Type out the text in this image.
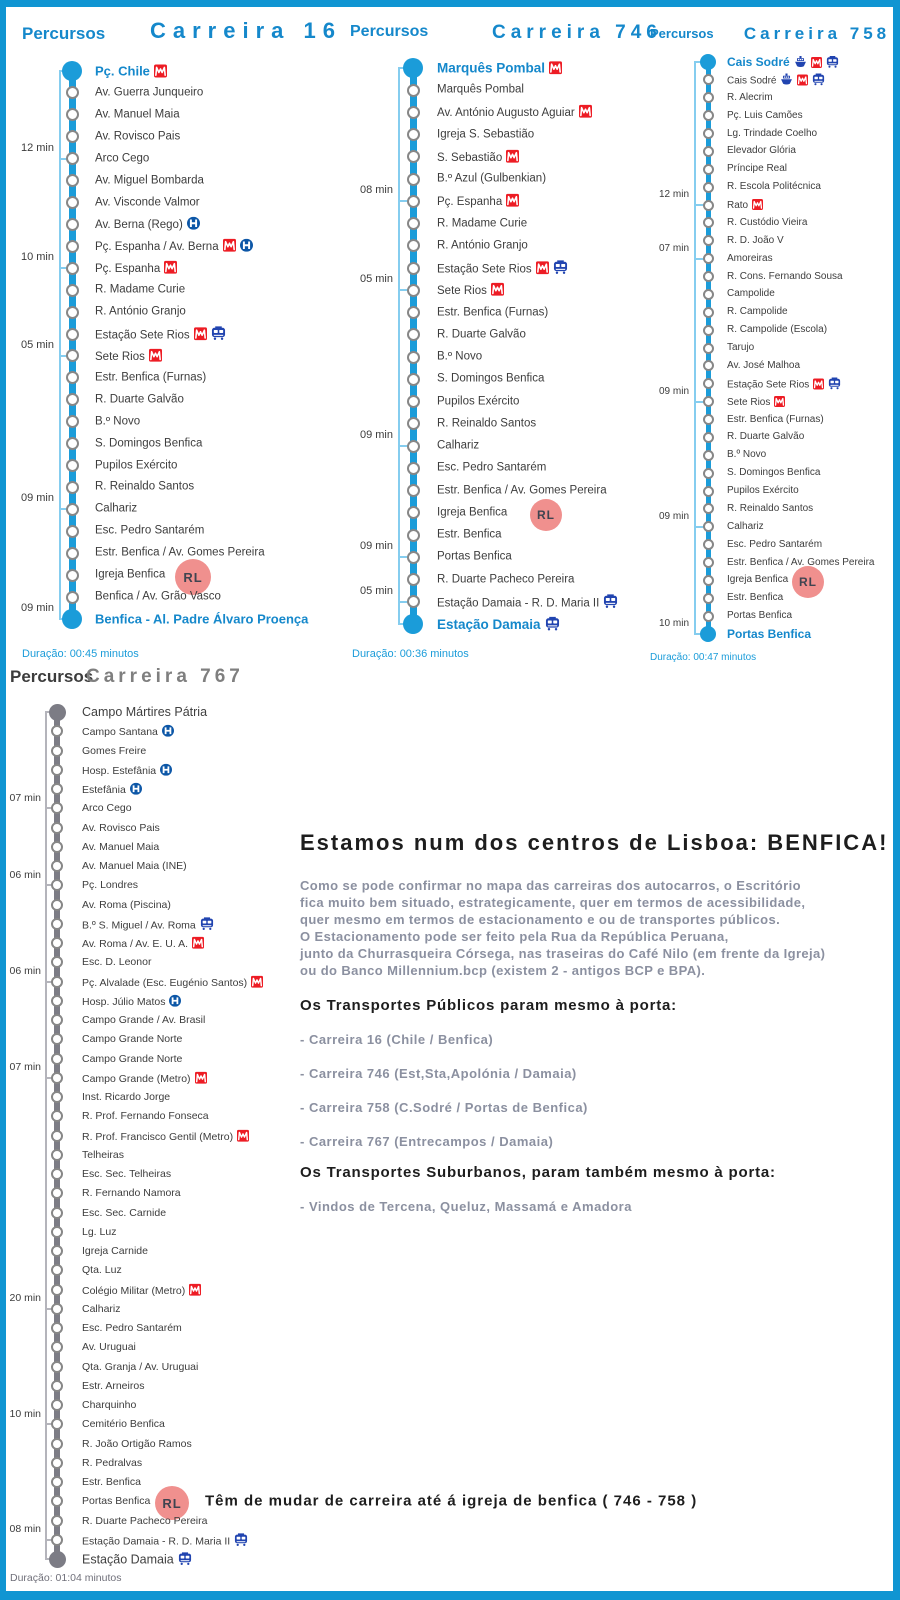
Percursos Carreira 16
Pç. Chile
Av. Guerra Junqueiro
Av. Manuel Maia
Av. Rovisco Pais
Arco Cego
Av. Miguel Bombarda
Av. Visconde Valmor
Av. Berna (Rego)
Pç. Espanha / Av. Berna
Pç. Espanha
R. Madame Curie
R. António Granjo
Estação Sete Rios
Sete Rios
Estr. Benfica (Furnas)
R. Duarte Galvão
B.º Novo
S. Domingos Benfica
Pupilos Exército
R. Reinaldo Santos
Calhariz
Esc. Pedro Santarém
Estr. Benfica / Av. Gomes Pereira
Igreja Benfica	RL
Benfica / Av. Grão Vasco
Benfica - Al. Padre Álvaro Proença
12 min
10 min
05 min
09 min
09 min
Duração: 00:45 minutos
Percursos	Carreira 746
Marquês Pombal
Marquês Pombal
Av. António Augusto Aguiar
Igreja S. Sebastião
S. Sebastião
B.º Azul (Gulbenkian)
Pç. Espanha
R. Madame Curie
R. António Granjo
Estação Sete Rios
Sete Rios
Estr. Benfica (Furnas)
R. Duarte Galvão
B.º Novo
S. Domingos Benfica
Pupilos Exército
R. Reinaldo Santos
Calhariz
Esc. Pedro Santarém
Estr. Benfica / Av. Gomes Pereira
Igreja Benfica	RL
Estr. Benfica
Portas Benfica
R. Duarte Pacheco Pereira
Estação Damaia - R. D. Maria II
Estação Damaia
08 min
05 min
09 min
09 min
05 min
Duração: 00:36 minutos
Percursos Carreira 758
Cais Sodré
Cais Sodré
R. Alecrim
Pç. Luis Camões
Lg. Trindade Coelho
Elevador Glória
Príncipe Real
R. Escola Politécnica
Rato
R. Custódio Vieira
R. D. João V
Amoreiras
R. Cons. Fernando Sousa
Campolide
R. Campolide
R. Campolide (Escola)
Tarujo
Av. José Malhoa
Estação Sete Rios
Sete Rios
Estr. Benfica (Furnas)
R. Duarte Galvão
B.º Novo
S. Domingos Benfica
Pupilos Exército
R. Reinaldo Santos
Calhariz
Esc. Pedro Santarém
Estr. Benfica / Av. Gomes Pereira
Igreja Benfica RL
Estr. Benfica
Portas Benfica
Portas Benfica
12 min
07 min
09 min
09 min
10 min
Duração: 00:47 minutos
Percursos
Carreira 767
Campo Mártires Pátria
Campo Santana
Gomes Freire
Hosp. Estefânia
Estefânia
Arco Cego
Av. Rovisco Pais
Av. Manuel Maia
Av. Manuel Maia (INE)
Pç. Londres
Av. Roma (Piscina)
B.º S. Miguel / Av. Roma
Av. Roma / Av. E. U. A.
Esc. D. Leonor
Pç. Alvalade (Esc. Eugénio Santos)
Hosp. Júlio Matos
Campo Grande / Av. Brasil
Campo Grande Norte
Campo Grande Norte
Campo Grande (Metro)
Inst. Ricardo Jorge
R. Prof. Fernando Fonseca
R. Prof. Francisco Gentil (Metro)
Telheiras
Esc. Sec. Telheiras
R. Fernando Namora
Esc. Sec. Carnide
Lg. Luz
Igreja Carnide
Qta. Luz
Colégio Militar (Metro)
Calhariz
Esc. Pedro Santarém
Av. Uruguai
Qta. Granja / Av. Uruguai
Estr. Arneiros
Charquinho
Cemitério Benfica
R. João Ortigão Ramos
R. Pedralvas
Estr. Benfica
Portas Benfica RL
R. Duarte Pacheco Pereira
Estação Damaia - R. D. Maria II
Estação Damaia
07 min
06 min
06 min
07 min
20 min
10 min
08 min
Duração: 01:04 minutos
Estamos num dos centros de Lisboa: BENFICA!
Como se pode confirmar no mapa das carreiras dos autocarros, o Escritório
fica muito bem situado, estrategicamente, quer em termos de acessibilidade,
quer mesmo em termos de estacionamento e ou de transportes públicos.
O Estacionamento pode ser feito pela Rua da República Peruana,
junto da Churrasqueira Córsega, nas traseiras do Café Nilo (em frente da Igreja)
ou do Banco Millennium.bcp (existem 2 - antigos BCP e BPA).
Os Transportes Públicos param mesmo à porta:
- Carreira 16 (Chile / Benfica)
- Carreira 746 (Est,Sta,Apolónia / Damaia)
- Carreira 758 (C.Sodré / Portas de Benfica)
- Carreira 767 (Entrecampos / Damaia)
Os Transportes Suburbanos, param também mesmo à porta:
- Vindos de Tercena, Queluz, Massamá e Amadora
Têm de mudar de carreira até á igreja de benfica ( 746 - 758 )
